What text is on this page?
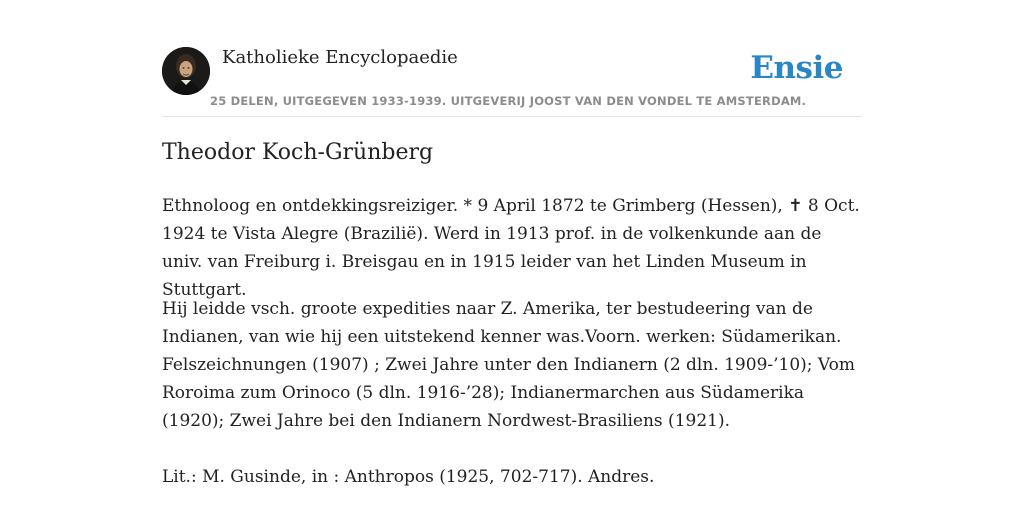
Katholieke Encyclopaedie
25 DELEN, UITGEGEVEN 1933-1939. UITGEVERIJ JOOST VAN DEN VONDEL TE AMSTERDAM.
Ensie
Theodor Koch-Grünberg

Ethnoloog en ontdekkingsreiziger. * 9 April 1872 te Grimberg (Hessen), ✝ 8 Oct. 1924 te Vista Alegre (Brazilië). Werd in 1913 prof. in de volkenkunde aan de univ. van Freiburg i. Breisgau en in 1915 leider van het Linden Museum in Stuttgart.

Hij leidde vsch. groote expedities naar Z. Amerika, ter bestudeering van de Indianen, van wie hij een uitstekend kenner was.Voorn. werken: Südamerikan. Felszeichnungen (1907) ; Zwei Jahre unter den Indianern (2 dln. 1909-’10); Vom Roroima zum Orinoco (5 dln. 1916-’28); Indianermarchen aus Südamerika (1920); Zwei Jahre bei den Indianern Nordwest-Brasiliens (1921).

Lit.: M. Gusinde, in : Anthropos (1925, 702-717). Andres.
